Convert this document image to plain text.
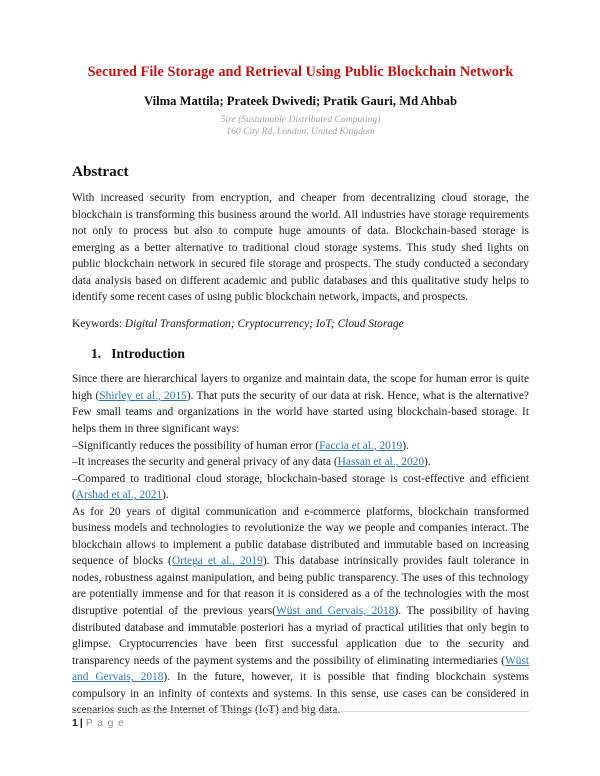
Secured File Storage and Retrieval Using Public Blockchain Network
Vilma Mattila; Prateek Dwivedi; Pratik Gauri, Md Ahbab
5ire (Sustainable Distributed Computing)
160 City Rd, London, United Kingdom
Abstract

With increased security from encryption, and cheaper from decentralizing cloud storage, the blockchain is transforming this business around the world. All industries have storage requirements not only to process but also to compute huge amounts of data. Blockchain-based storage is emerging as a better alternative to traditional cloud storage systems. This study shed lights on public blockchain network in secured file storage and prospects. The study conducted a secondary data analysis based on different academic and public databases and this qualitative study helps to identify some recent cases of using public blockchain network, impacts, and prospects.

Keywords: Digital Transformation; Cryptocurrency; IoT; Cloud Storage

1. Introduction

Since there are hierarchical layers to organize and maintain data, the scope for human error is quite high (Shirley et al., 2015). That puts the security of our data at risk. Hence, what is the alternative? Few small teams and organizations in the world have started using blockchain-based storage. It helps them in three significant ways:

–Significantly reduces the possibility of human error (Faccia et al., 2019).

–It increases the security and general privacy of any data (Hassan et al., 2020).

–Compared to traditional cloud storage, blockchain-based storage is cost-effective and efficient (Arshad et al., 2021).

As for 20 years of digital communication and e-commerce platforms, blockchain transformed business models and technologies to revolutionize the way we people and companies interact. The blockchain allows to implement a public database distributed and immutable based on increasing sequence of blocks (Ortega et al., 2019). This database intrinsically provides fault tolerance in nodes, robustness against manipulation, and being public transparency. The uses of this technology are potentially immense and for that reason it is considered as a of the technologies with the most disruptive potential of the previous years(Wüst and Gervais, 2018). The possibility of having distributed database and immutable posteriori has a myriad of practical utilities that only begin to glimpse. Cryptocurrencies have been first successful application due to the security and transparency needs of the payment systems and the possibility of eliminating intermediaries (Wüst and Gervais, 2018). In the future, however, it is possible that finding blockchain systems compulsory in an infinity of contexts and systems. In this sense, use cases can be considered in scenarios such as the Internet of Things (IoT) and big data.

1 | Page
